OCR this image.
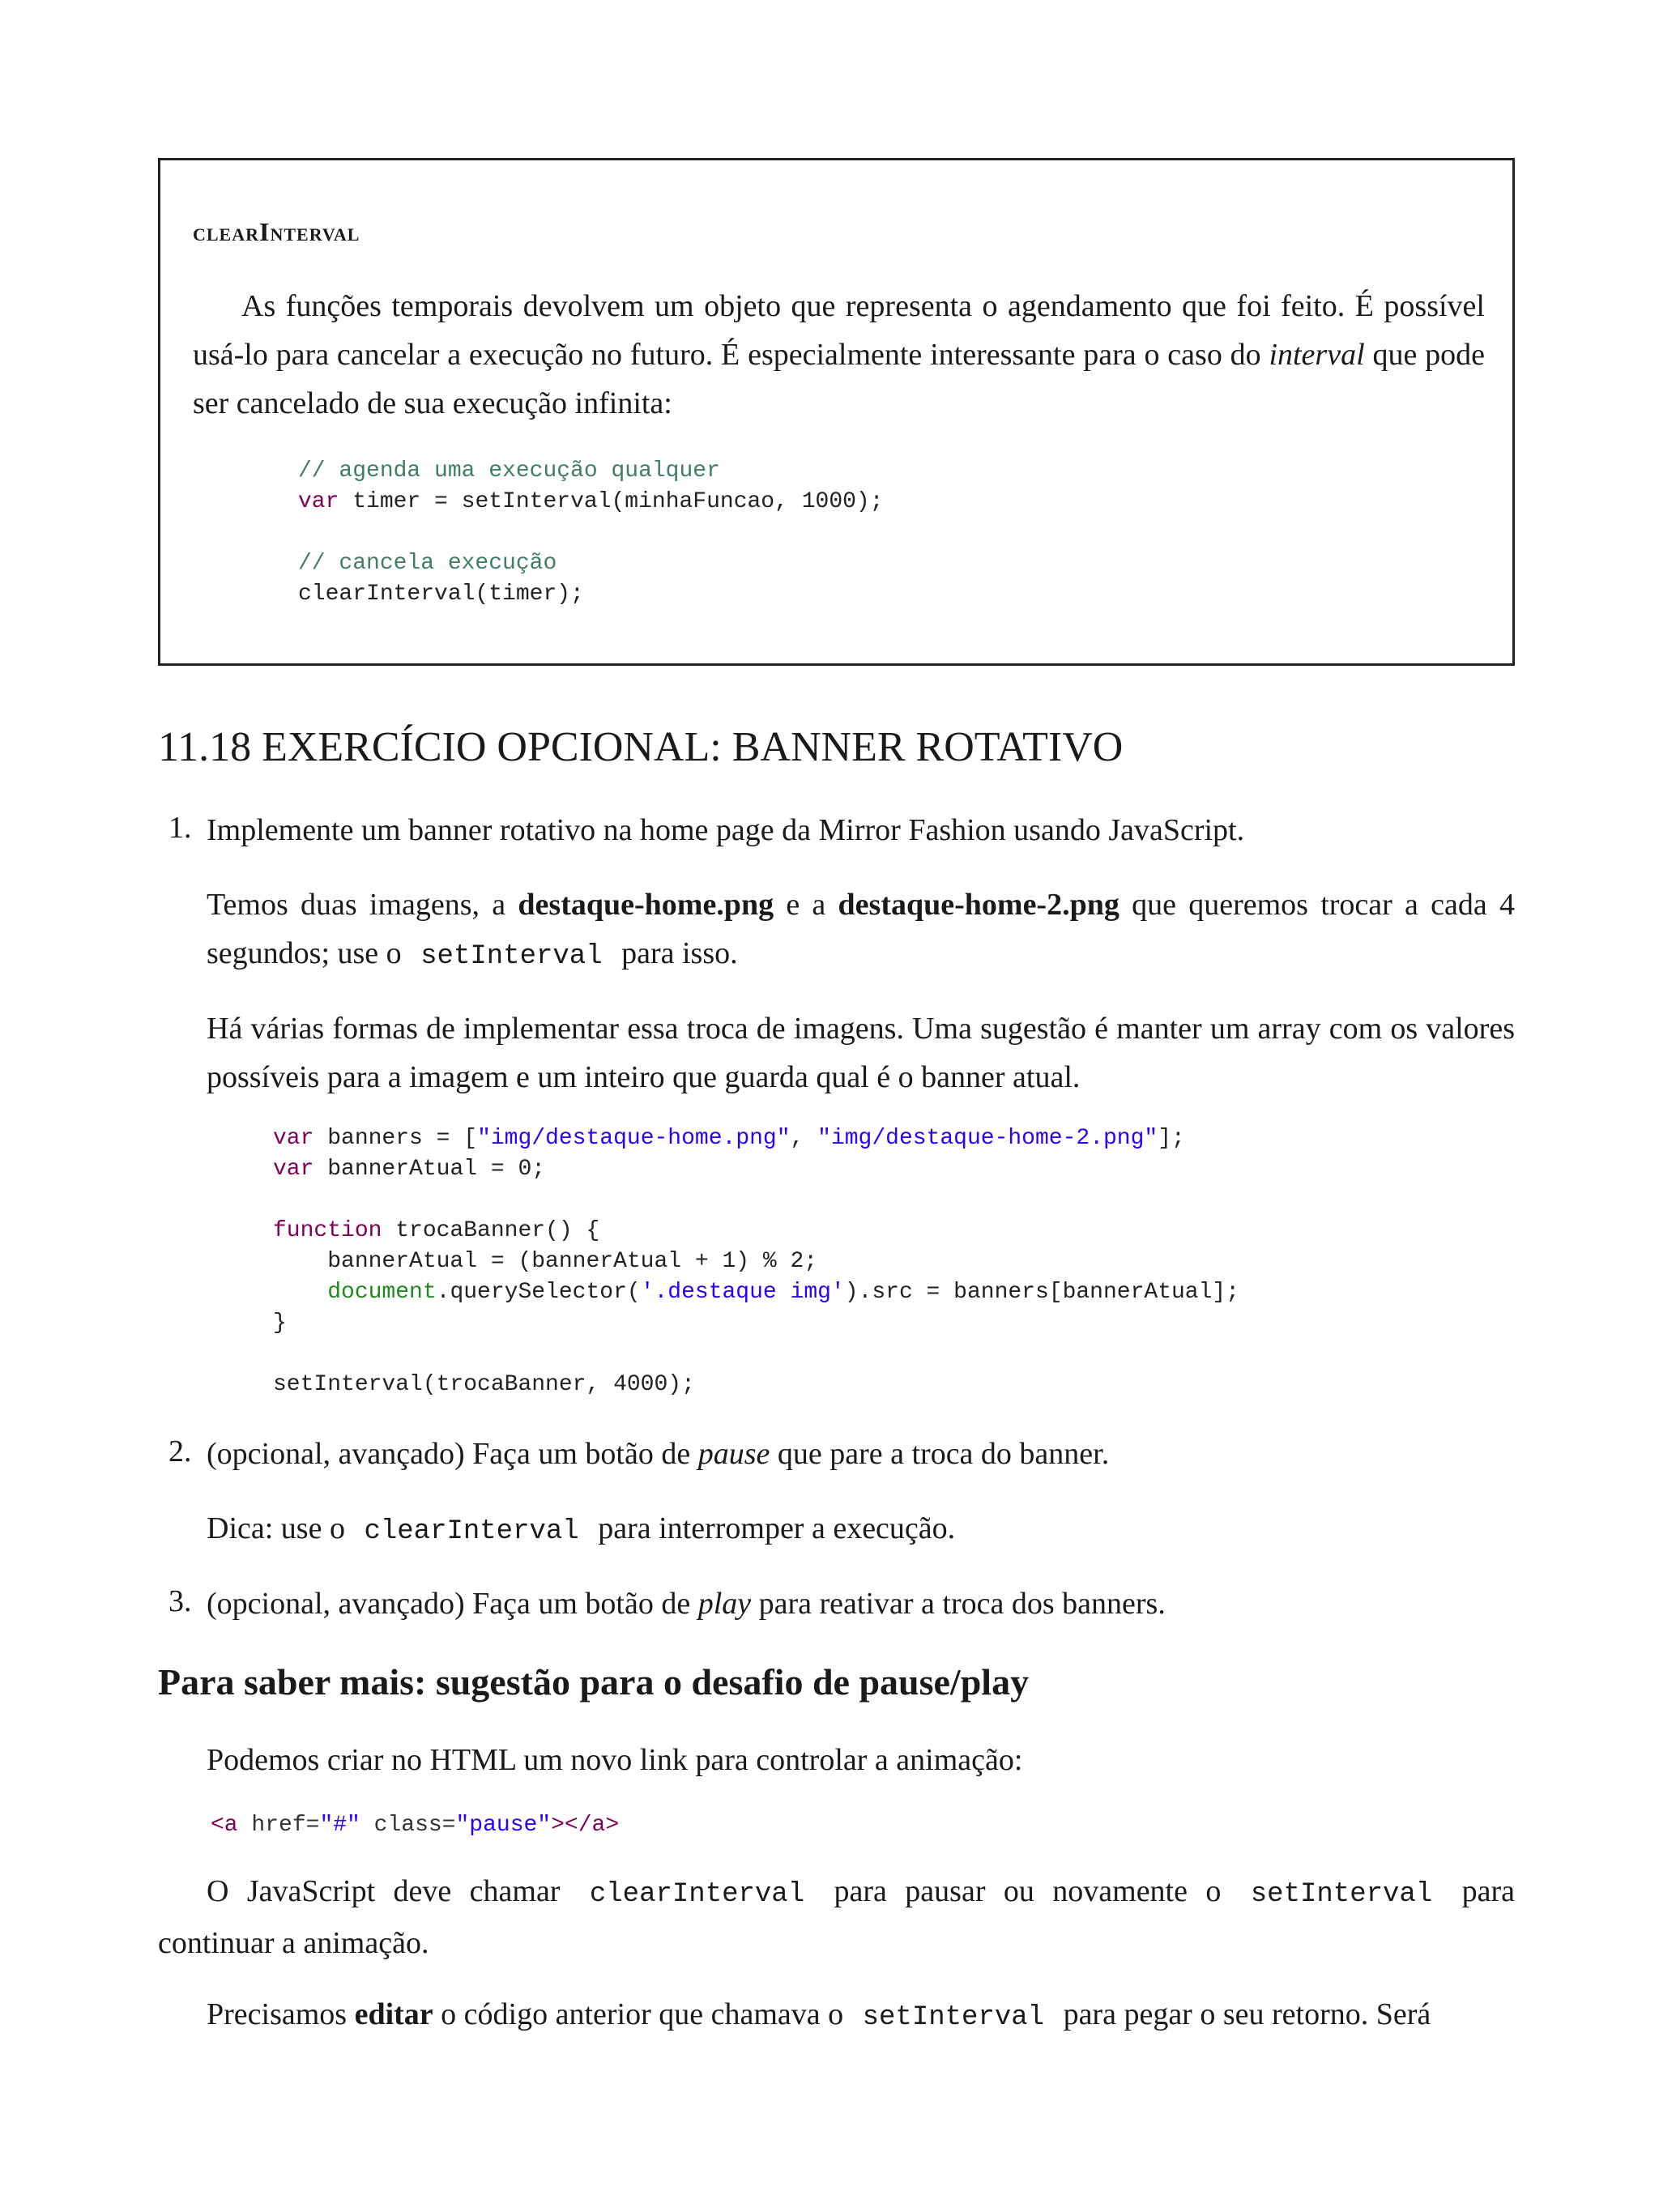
clearInterval
As funções temporais devolvem um objeto que representa o agendamento que foi feito. É possível usá-lo para cancelar a execução no futuro. É especialmente interessante para o caso do interval que pode ser cancelado de sua execução infinita:
// agenda uma execução qualquer
var timer = setInterval(minhaFuncao, 1000);

// cancela execução
clearInterval(timer);
11.18 EXERCÍCIO OPCIONAL: BANNER ROTATIVO
1. Implemente um banner rotativo na home page da Mirror Fashion usando JavaScript.
Temos duas imagens, a destaque-home.png e a destaque-home-2.png que queremos trocar a cada 4 segundos; use o setInterval para isso.
Há várias formas de implementar essa troca de imagens. Uma sugestão é manter um array com os valores possíveis para a imagem e um inteiro que guarda qual é o banner atual.
var banners = ["img/destaque-home.png", "img/destaque-home-2.png"];
var bannerAtual = 0;

function trocaBanner() {
bannerAtual = (bannerAtual + 1) % 2;
document.querySelector('.destaque img').src = banners[bannerAtual];
}

setInterval(trocaBanner, 4000);
2. (opcional, avançado) Faça um botão de pause que pare a troca do banner.
Dica: use o clearInterval para interromper a execução.
3. (opcional, avançado) Faça um botão de play para reativar a troca dos banners.
Para saber mais: sugestão para o desafio de pause/play
Podemos criar no HTML um novo link para controlar a animação:
<a href="#" class="pause"></a>
O JavaScript deve chamar clearInterval para pausar ou novamente o setInterval para continuar a animação.
Precisamos editar o código anterior que chamava o setInterval para pegar o seu retorno. Será
